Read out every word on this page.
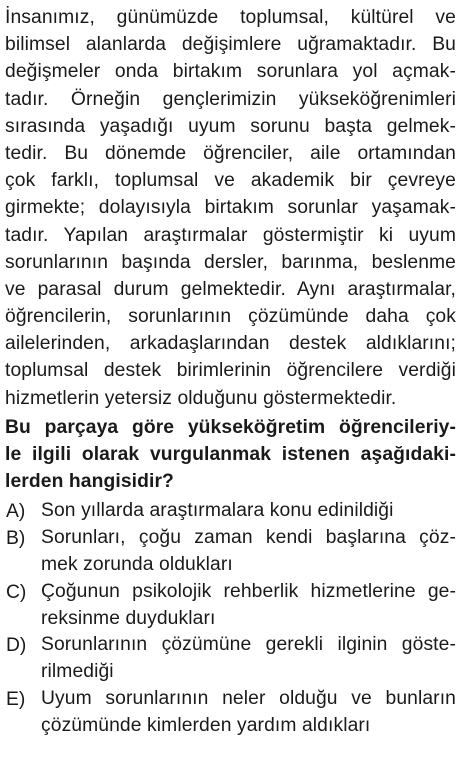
İnsanımız, günümüzde toplumsal, kültürel ve
bilimsel alanlarda değişimlere uğramaktadır. Bu
değişmeler onda birtakım sorunlara yol açmak-
tadır. Örneğin gençlerimizin yükseköğrenimleri
sırasında yaşadığı uyum sorunu başta gelmek-
tedir. Bu dönemde öğrenciler, aile ortamından
çok farklı, toplumsal ve akademik bir çevreye
girmekte; dolayısıyla birtakım sorunlar yaşamak-
tadır. Yapılan araştırmalar göstermiştir ki uyum
sorunlarının başında dersler, barınma, beslenme
ve parasal durum gelmektedir. Aynı araştırmalar,
öğrencilerin, sorunlarının çözümünde daha çok
ailelerinden, arkadaşlarından destek aldıklarını;
toplumsal destek birimlerinin öğrencilere verdiği
hizmetlerin yetersiz olduğunu göstermektedir.
Bu parçaya göre yükseköğretim öğrencileriy-
le ilgili olarak vurgulanmak istenen aşağıdaki-
lerden hangisidir?
A) Son yıllarda araştırmalara konu edinildiği
B) Sorunları, çoğu zaman kendi başlarına çöz-
mek zorunda oldukları
C) Çoğunun psikolojik rehberlik hizmetlerine ge-
reksinme duydukları
D) Sorunlarının çözümüne gerekli ilginin göste-
rilmediği
E) Uyum sorunlarının neler olduğu ve bunların
çözümünde kimlerden yardım aldıkları
